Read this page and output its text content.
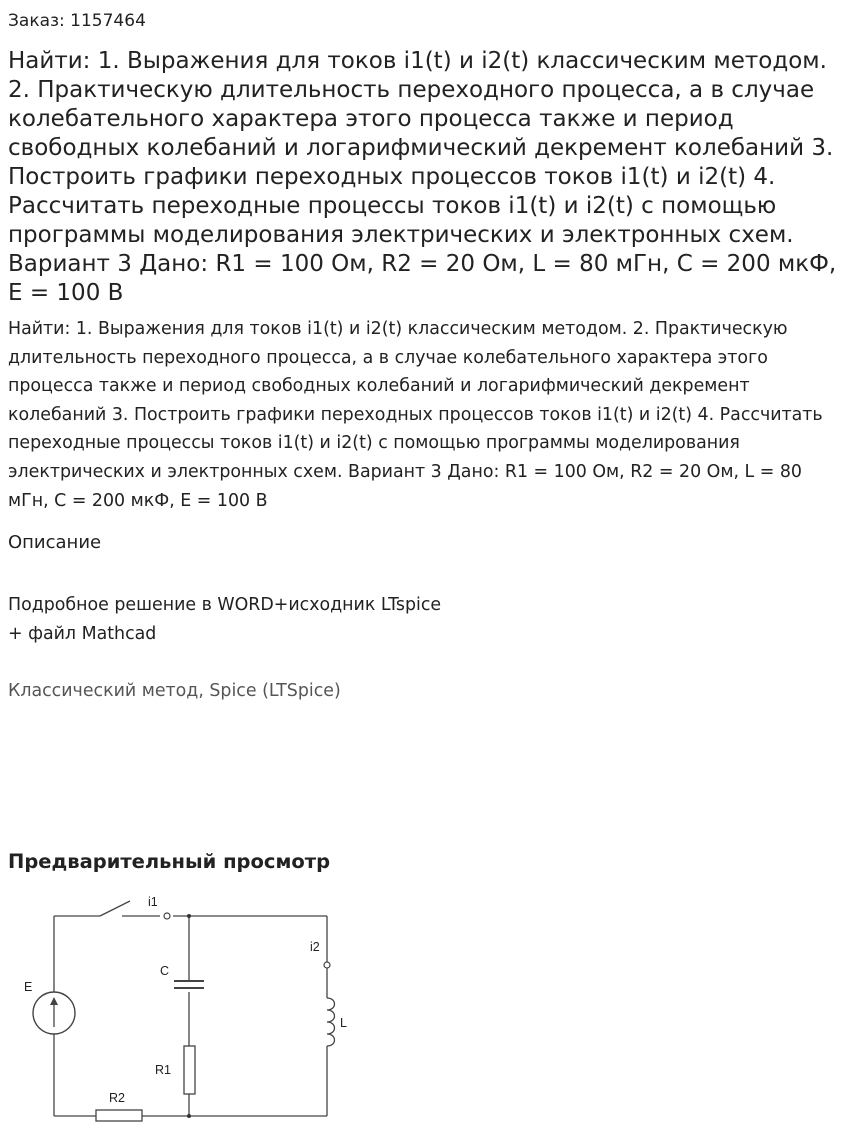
Заказ: 1157464
Найти: 1. Выражения для токов i1(t) и i2(t) классическим методом. 2. Практическую длительность переходного процесса, а в случае колебательного характера этого процесса также и период свободных колебаний и логарифмический декремент колебаний 3. Построить графики переходных процессов токов i1(t) и i2(t) 4. Рассчитать переходные процессы токов i1(t) и i2(t) с помощью программы моделирования электрических и электронных схем. Вариант 3 Дано: R1 = 100 Ом, R2 = 20 Ом, L = 80 мГн, C = 200 мкФ, E = 100 В

Найти: 1. Выражения для токов i1(t) и i2(t) классическим методом. 2. Практическую длительность переходного процесса, а в случае колебательного характера этого процесса также и период свободных колебаний и логарифмический декремент колебаний 3. Построить графики переходных процессов токов i1(t) и i2(t) 4. Рассчитать переходные процессы токов i1(t) и i2(t) с помощью программы моделирования электрических и электронных схем. Вариант 3 Дано: R1 = 100 Ом, R2 = 20 Ом, L = 80 мГн, C = 200 мкФ, E = 100 В

Описание
Подробное решение в WORD+исходник LTspice
+ файл Mathcad
Классический метод, Spice (LTSpice)
Предварительный просмотр
i1
i2
E
C
L
R1
R2
